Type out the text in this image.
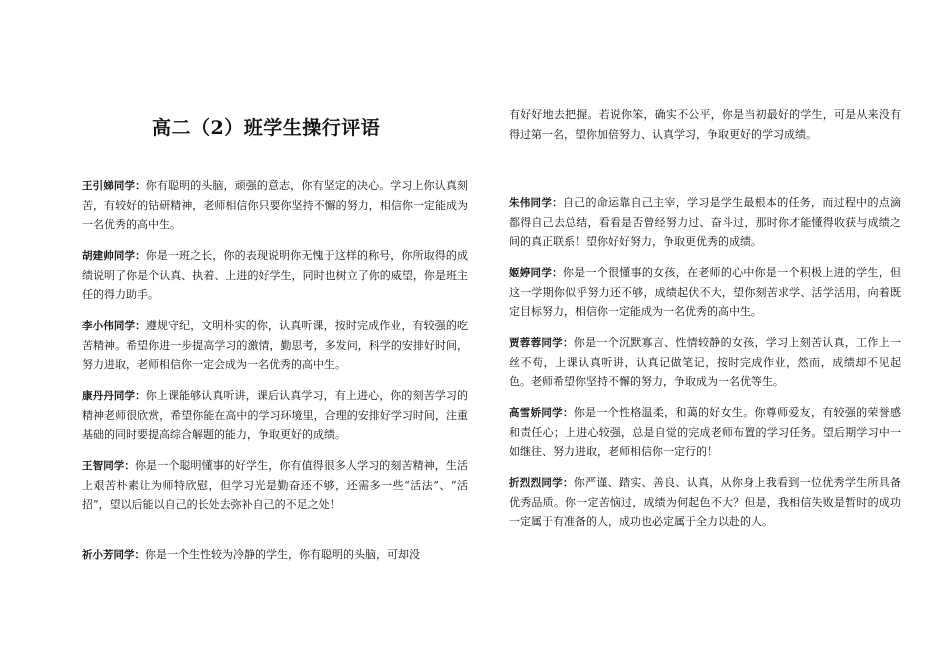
高二（2）班学生操行评语
王引娣同学：你有聪明的头脑，顽强的意志，你有坚定的决心。学习上你认真刻苦，有较好的钻研精神，老师相信你只要你坚持不懈的努力，相信你一定能成为一名优秀的高中生。
胡建帅同学：你是一班之长，你的表现说明你无愧于这样的称号，你所取得的成绩说明了你是个认真、执着、上进的好学生，同时也树立了你的威望，你是班主任的得力助手。
李小伟同学：遵规守纪，文明朴实的你，认真听课，按时完成作业，有较强的吃苦精神。希望你进一步提高学习的激情，勤思考，多发问，科学的安排好时间，努力进取，老师相信你一定会成为一名优秀的高中生。
康丹丹同学：你上课能够认真听讲，课后认真学习，有上进心，你的刻苦学习的精神老师很欣赏，希望你能在高中的学习环境里，合理的安排好学习时间，注重基础的同时要提高综合解题的能力，争取更好的成绩。
王智同学：你是一个聪明懂事的好学生，你有值得很多人学习的刻苦精神，生活上艰苦朴素让为师特欣慰，但学习光是勤奋还不够，还需多一些“活法”、“活招”，望以后能以自己的长处去弥补自己的不足之处！
祈小芳同学：你是一个生性较为冷静的学生，你有聪明的头脑，可却没
有好好地去把握。若说你笨，确实不公平，你是当初最好的学生，可是从来没有得过第一名，望你加倍努力、认真学习，争取更好的学习成绩。
朱伟同学：自己的命运靠自己主宰，学习是学生最根本的任务，而过程中的点滴都得自己去总结，看看是否曾经努力过、奋斗过，那时你才能懂得收获与成绩之间的真正联系！望你好好努力，争取更优秀的成绩。
姬婷同学：你是一个很懂事的女孩，在老师的心中你是一个积极上进的学生，但这一学期你似乎努力还不够，成绩起伏不大，望你刻苦求学、活学活用，向着既定目标努力，相信你一定能成为一名优秀的高中生。
贾蓉蓉同学：你是一个沉默寡言、性情较静的女孩，学习上刻苦认真，工作上一丝不苟，上课认真听讲，认真记做笔记，按时完成作业，然而，成绩却不见起色。老师希望你坚持不懈的努力，争取成为一名优等生。
高雪娇同学：你是一个性格温柔，和蔼的好女生。你尊师爱友，有较强的荣誉感和责任心；上进心较强，总是自觉的完成老师布置的学习任务。望后期学习中一如继往、努力进取，老师相信你一定行的！
折烈烈同学：你严谨、踏实、善良、认真，从你身上我看到一位优秀学生所具备优秀品质。你一定苦恼过，成绩为何起色不大？但是，我相信失败是暂时的成功一定属于有准备的人，成功也必定属于全力以赴的人。
